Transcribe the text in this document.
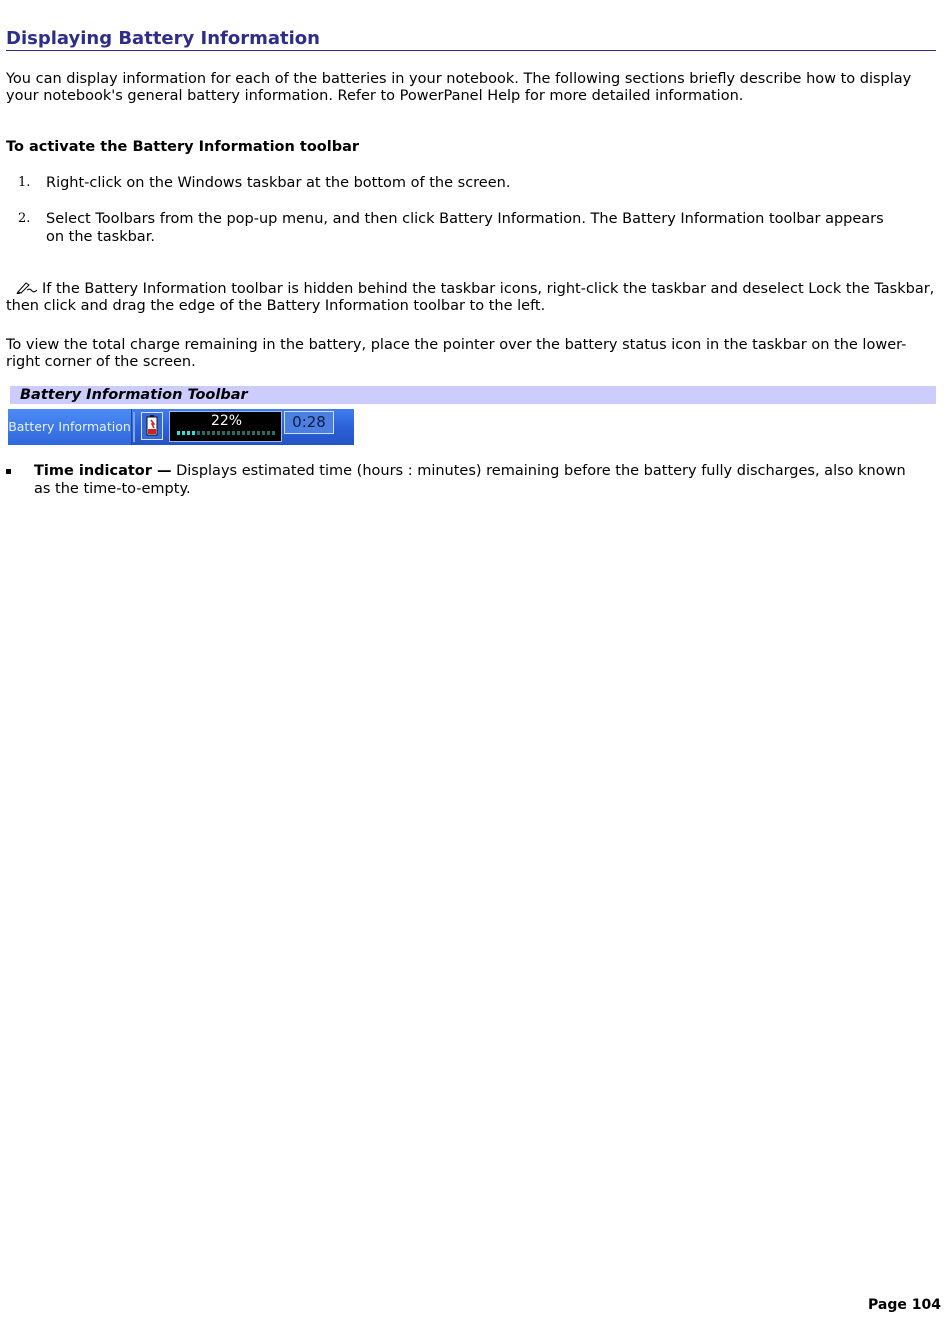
Displaying Battery Information

You can display information for each of the batteries in your notebook. The following sections briefly describe how to display your notebook's general battery information. Refer to PowerPanel Help for more detailed information.

To activate the Battery Information toolbar

1. Right-click on the Windows taskbar at the bottom of the screen.
2. Select Toolbars from the pop-up menu, and then click Battery Information. The Battery Information toolbar appears on the taskbar.

If the Battery Information toolbar is hidden behind the taskbar icons, right-click the taskbar and deselect Lock the Taskbar, then click and drag the edge of the Battery Information toolbar to the left.

To view the total charge remaining in the battery, place the pointer over the battery status icon in the taskbar on the lower-right corner of the screen.

Battery Information Toolbar
Battery Information	22%	0:28
Time indicator — Displays estimated time (hours : minutes) remaining before the battery fully discharges, also known as the time-to-empty.
Page 104
